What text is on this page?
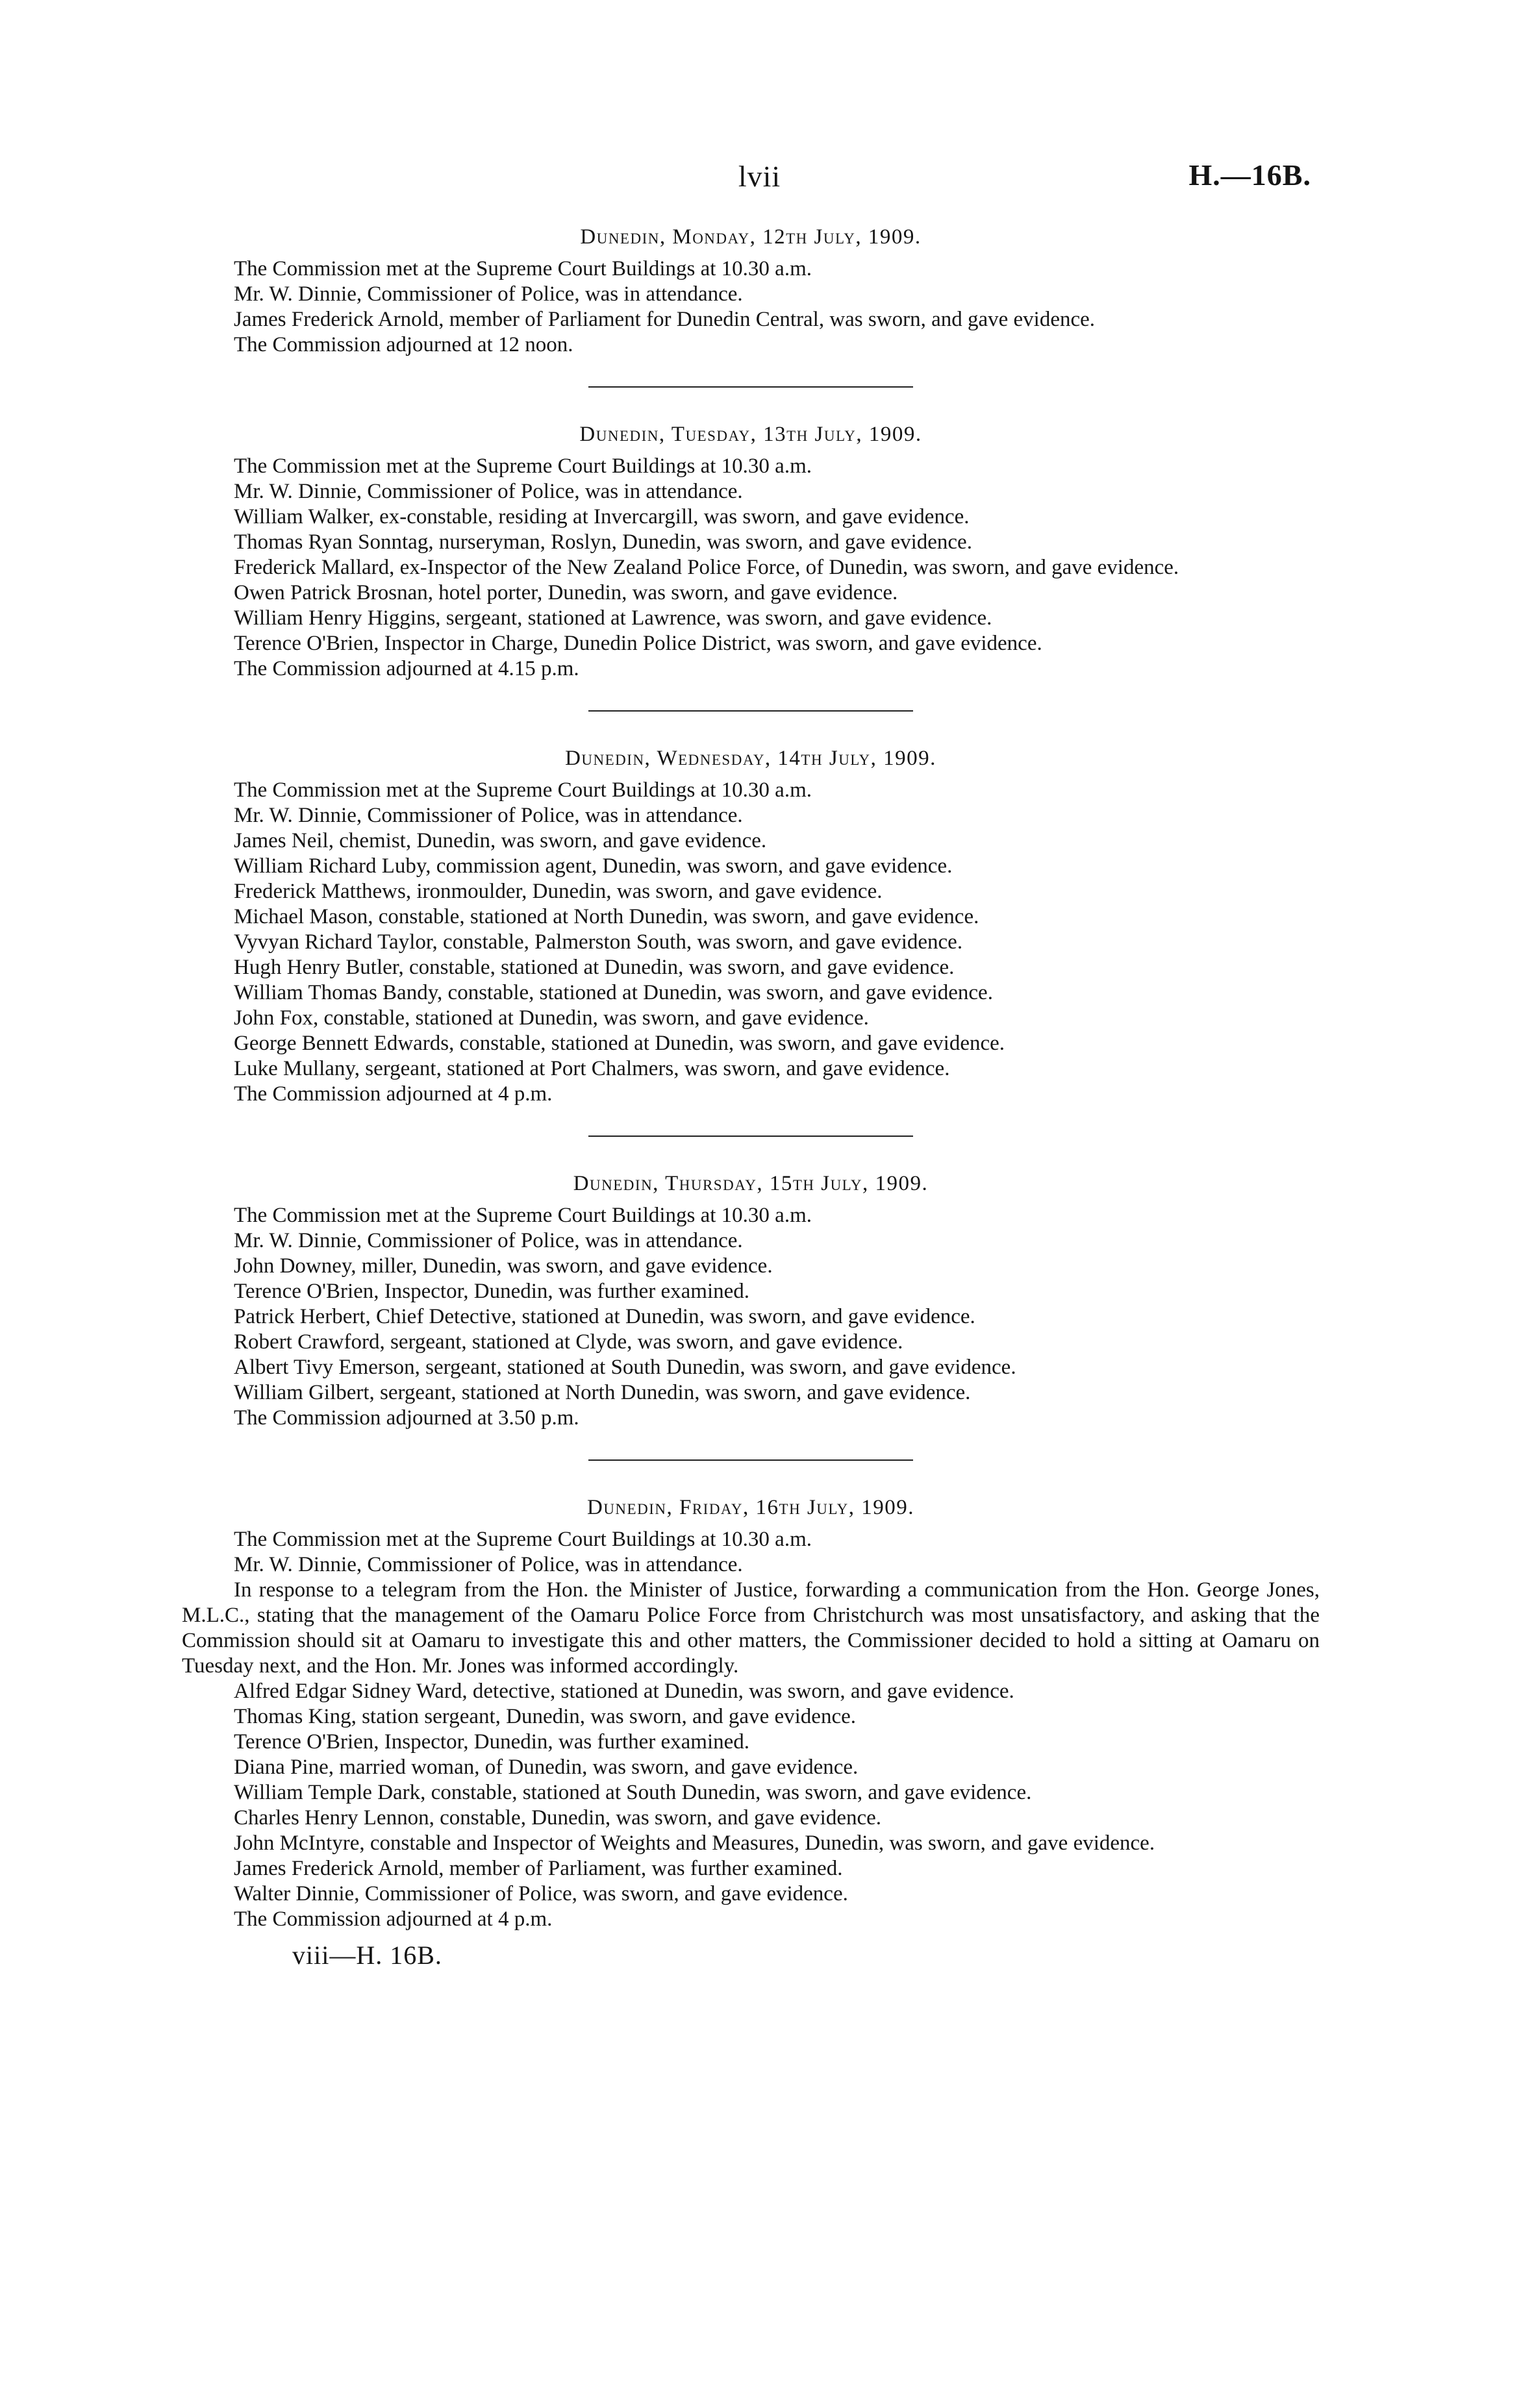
lvii	H.—16B.
Dunedin, Monday, 12th July, 1909.

The Commission met at the Supreme Court Buildings at 10.30 a.m.

Mr. W. Dinnie, Commissioner of Police, was in attendance.

James Frederick Arnold, member of Parliament for Dunedin Central, was sworn, and gave evidence.

The Commission adjourned at 12 noon.

Dunedin, Tuesday, 13th July, 1909.

The Commission met at the Supreme Court Buildings at 10.30 a.m.

Mr. W. Dinnie, Commissioner of Police, was in attendance.

William Walker, ex-constable, residing at Invercargill, was sworn, and gave evidence.

Thomas Ryan Sonntag, nurseryman, Roslyn, Dunedin, was sworn, and gave evidence.

Frederick Mallard, ex-Inspector of the New Zealand Police Force, of Dunedin, was sworn, and gave evidence.

Owen Patrick Brosnan, hotel porter, Dunedin, was sworn, and gave evidence.

William Henry Higgins, sergeant, stationed at Lawrence, was sworn, and gave evidence.

Terence O'Brien, Inspector in Charge, Dunedin Police District, was sworn, and gave evidence.

The Commission adjourned at 4.15 p.m.

Dunedin, Wednesday, 14th July, 1909.

The Commission met at the Supreme Court Buildings at 10.30 a.m.

Mr. W. Dinnie, Commissioner of Police, was in attendance.

James Neil, chemist, Dunedin, was sworn, and gave evidence.

William Richard Luby, commission agent, Dunedin, was sworn, and gave evidence.

Frederick Matthews, ironmoulder, Dunedin, was sworn, and gave evidence.

Michael Mason, constable, stationed at North Dunedin, was sworn, and gave evidence.

Vyvyan Richard Taylor, constable, Palmerston South, was sworn, and gave evidence.

Hugh Henry Butler, constable, stationed at Dunedin, was sworn, and gave evidence.

William Thomas Bandy, constable, stationed at Dunedin, was sworn, and gave evidence.

John Fox, constable, stationed at Dunedin, was sworn, and gave evidence.

George Bennett Edwards, constable, stationed at Dunedin, was sworn, and gave evidence.

Luke Mullany, sergeant, stationed at Port Chalmers, was sworn, and gave evidence.

The Commission adjourned at 4 p.m.

Dunedin, Thursday, 15th July, 1909.

The Commission met at the Supreme Court Buildings at 10.30 a.m.

Mr. W. Dinnie, Commissioner of Police, was in attendance.

John Downey, miller, Dunedin, was sworn, and gave evidence.

Terence O'Brien, Inspector, Dunedin, was further examined.

Patrick Herbert, Chief Detective, stationed at Dunedin, was sworn, and gave evidence.

Robert Crawford, sergeant, stationed at Clyde, was sworn, and gave evidence.

Albert Tivy Emerson, sergeant, stationed at South Dunedin, was sworn, and gave evidence.

William Gilbert, sergeant, stationed at North Dunedin, was sworn, and gave evidence.

The Commission adjourned at 3.50 p.m.

Dunedin, Friday, 16th July, 1909.

The Commission met at the Supreme Court Buildings at 10.30 a.m.

Mr. W. Dinnie, Commissioner of Police, was in attendance.

In response to a telegram from the Hon. the Minister of Justice, forwarding a communication from the Hon. George Jones, M.L.C., stating that the management of the Oamaru Police Force from Christchurch was most unsatisfactory, and asking that the Commission should sit at Oamaru to investigate this and other matters, the Commissioner decided to hold a sitting at Oamaru on Tuesday next, and the Hon. Mr. Jones was informed accordingly.

Alfred Edgar Sidney Ward, detective, stationed at Dunedin, was sworn, and gave evidence.

Thomas King, station sergeant, Dunedin, was sworn, and gave evidence.

Terence O'Brien, Inspector, Dunedin, was further examined.

Diana Pine, married woman, of Dunedin, was sworn, and gave evidence.

William Temple Dark, constable, stationed at South Dunedin, was sworn, and gave evidence.

Charles Henry Lennon, constable, Dunedin, was sworn, and gave evidence.

John McIntyre, constable and Inspector of Weights and Measures, Dunedin, was sworn, and gave evidence.

James Frederick Arnold, member of Parliament, was further examined.

Walter Dinnie, Commissioner of Police, was sworn, and gave evidence.

The Commission adjourned at 4 p.m.

viii—H. 16B.
